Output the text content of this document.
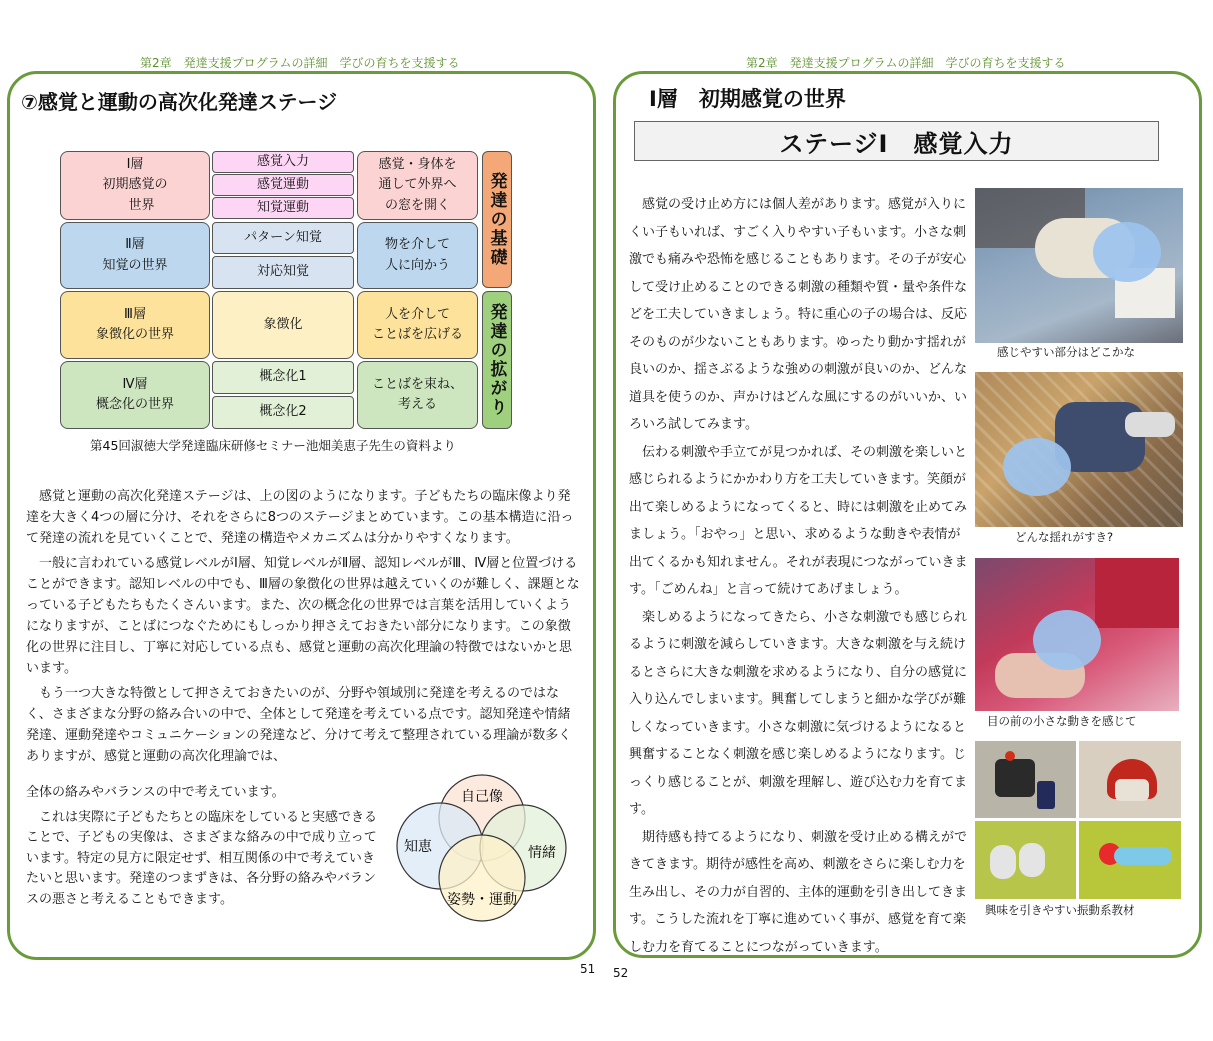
第2章　発達支援プログラムの詳細　学びの育ちを支援する	第2章　発達支援プログラムの詳細　学びの育ちを支援する
⑦感覚と運動の高次化発達ステージ
Ⅰ層
初期感覚の
　世界
感覚入力
感覚運動
知覚運動
感覚・身体を
通して外界へ
の窓を開く
Ⅱ層
知覚の世界
パターン知覚
対応知覚
物を介して
人に向かう
Ⅲ層
象徴化の世界
象徴化
人を介して
ことばを広げる
Ⅳ層
概念化の世界
概念化1
概念化2
ことばを束ね、
考える
発達の基礎
発達の拡がり
第45回淑徳大学発達臨床研修セミナー池畑美恵子先生の資料より

感覚と運動の高次化発達ステージは、上の図のようになります。子どもたちの臨床像より発達を大きく4つの層に分け、それをさらに8つのステージまとめています。この基本構造に沿って発達の流れを見ていくことで、発達の構造やメカニズムは分かりやすくなります。

一般に言われている感覚レベルがⅠ層、知覚レベルがⅡ層、認知レベルがⅢ、Ⅳ層と位置づけることができます。認知レベルの中でも、Ⅲ層の象徴化の世界は越えていくのが難しく、課題となっている子どもたちもたくさんいます。また、次の概念化の世界では言葉を活用していくようになりますが、ことばにつなぐためにもしっかり押さえておきたい部分になります。この象徴化の世界に注目し、丁寧に対応している点も、感覚と運動の高次化理論の特徴ではないかと思います。

もう一つ大きな特徴として押さえておきたいのが、分野や領域別に発達を考えるのではなく、さまざまな分野の絡み合いの中で、全体として発達を考えている点です。認知発達や情緒発達、運動発達やコミュニケーションの発達など、分けて考えて整理されている理論が数多くありますが、感覚と運動の高次化理論では、

全体の絡みやバランスの中で考えています。

これは実際に子どもたちとの臨床をしていると実感できることで、子どもの実像は、さまざまな絡みの中で成り立っています。特定の見方に限定せず、相互関係の中で考えていきたいと思います。発達のつまずきは、各分野の絡みやバランスの悪さと考えることもできます。

自己像
知恵	情緒
姿勢・運動
51
Ⅰ層　初期感覚の世界
ステージⅠ　感覚入力

感覚の受け止め方には個人差があります。感覚が入りにくい子もいれば、すごく入りやすい子もいます。小さな刺激でも痛みや恐怖を感じることもあります。その子が安心して受け止めることのできる刺激の種類や質・量や条件などを工夫していきましょう。特に重心の子の場合は、反応そのものが少ないこともあります。ゆったり動かす揺れが良いのか、揺さぶるような強めの刺激が良いのか、どんな道具を使うのか、声かけはどんな風にするのがいいか、いろいろ試してみます。

伝わる刺激や手立てが見つかれば、その刺激を楽しいと感じられるようにかかわり方を工夫していきます。笑顔が出て楽しめるようになってくると、時には刺激を止めてみましょう。「おやっ」と思い、求めるような動きや表情が出てくるかも知れません。それが表現につながっていきます。「ごめんね」と言って続けてあげましょう。

楽しめるようになってきたら、小さな刺激でも感じられるように刺激を減らしていきます。大きな刺激を与え続けるとさらに大きな刺激を求めるようになり、自分の感覚に入り込んでしまいます。興奮してしまうと細かな学びが難しくなっていきます。小さな刺激に気づけるようになると興奮することなく刺激を感じ楽しめるようになります。じっくり感じることが、刺激を理解し、遊び込む力を育てます。

期待感も持てるようになり、刺激を受け止める構えができてきます。期待が感性を高め、刺激をさらに楽しむ力を生み出し、その力が自習的、主体的運動を引き出してきます。こうした流れを丁寧に進めていく事が、感覚を育て楽しむ力を育てることにつながっていきます。

感じやすい部分はどこかな
どんな揺れがすき?
目の前の小さな動きを感じて
興味を引きやすい振動系教材
52
